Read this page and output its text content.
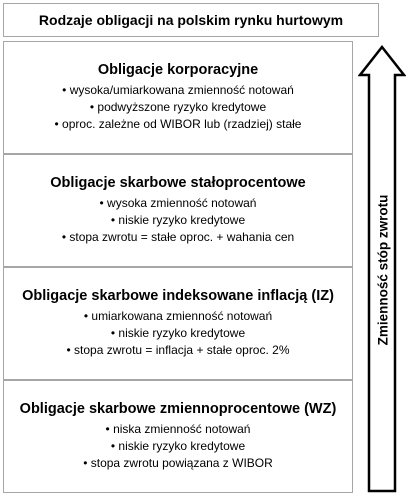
Rodzaje obligacji na polskim rynku hurtowym
Obligacje korporacyjne
• wysoka/umiarkowana zmienność notowań
• podwyższone ryzyko kredytowe
• oproc. zależne od WIBOR lub (rzadziej) stałe
Obligacje skarbowe stałoprocentowe
• wysoka zmienność notowań
• niskie ryzyko kredytowe
• stopa zwrotu = stałe oproc. + wahania cen
Obligacje skarbowe indeksowane inflacją (IZ)
• umiarkowana zmienność notowań
• niskie ryzyko kredytowe
• stopa zwrotu = inflacja + stałe oproc. 2%
Obligacje skarbowe zmiennoprocentowe (WZ)
• niska zmienność notowań
• niskie ryzyko kredytowe
• stopa zwrotu powiązana z WIBOR
Zmienność stóp zwrotu
